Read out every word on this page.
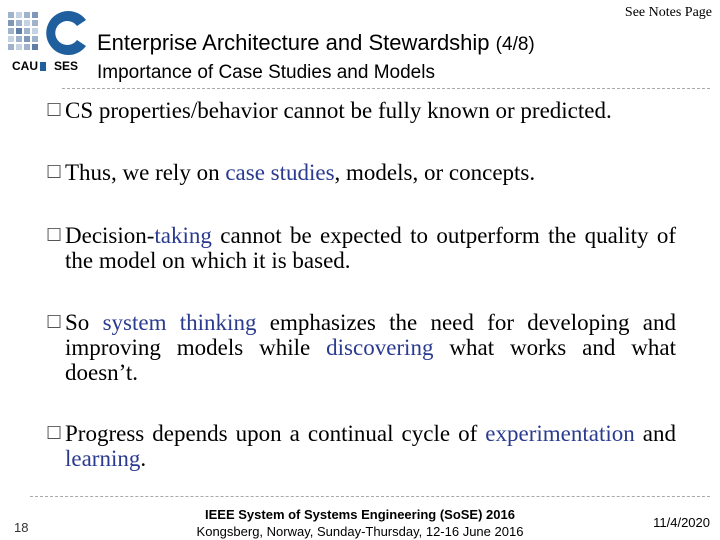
CAU SES
See Notes Page
Enterprise Architecture and Stewardship (4/8)
Importance of Case Studies and Models
☐ CS properties/behavior cannot be fully known or predicted.
☐ Thus, we rely on case studies, models, or concepts.
☐ Decision-taking cannot be expected to outperform the quality of the model on which it is based.
☐ So system thinking emphasizes the need for developing and improving models while discovering what works and what doesn’t.
☐ Progress depends upon a continual cycle of experimentation and learning.
18
IEEE System of Systems Engineering (SoSE) 2016
Kongsberg, Norway, Sunday-Thursday, 12-16 June 2016
11/4/2020
